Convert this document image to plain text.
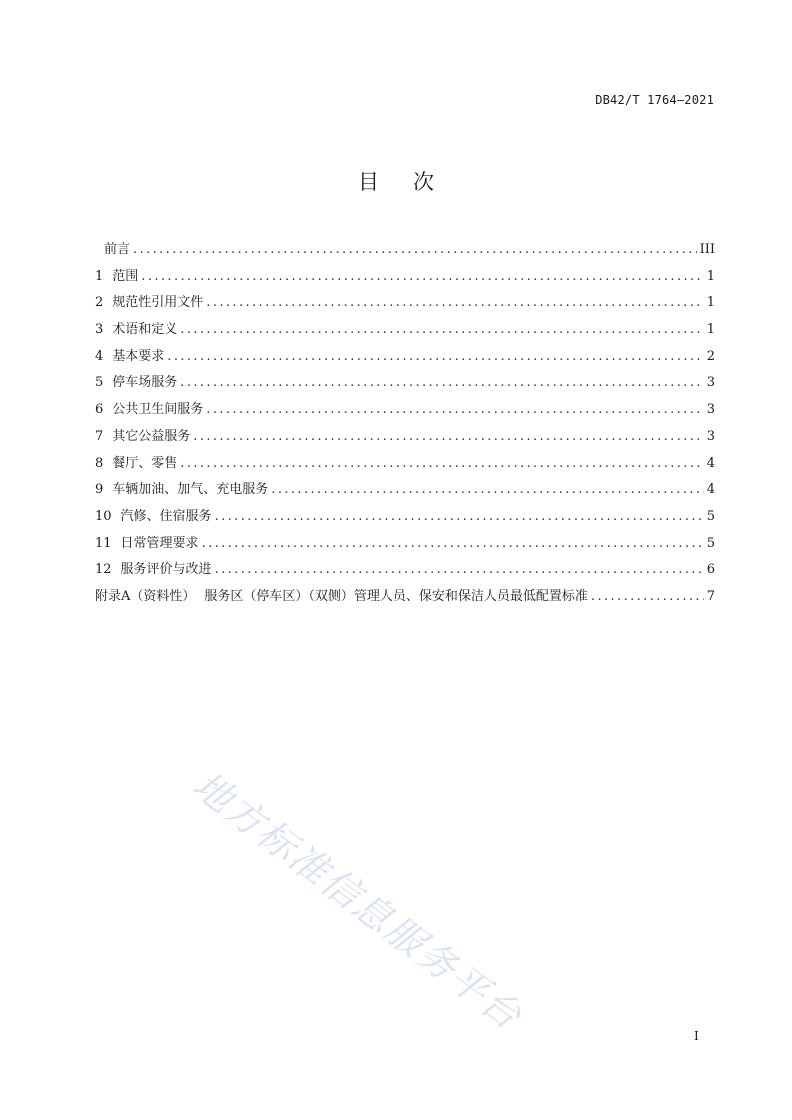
DB42/T 1764—2021
目次
前言 .....	III
1 范围 .....	1
2 规范性引用文件 .....	1
3 术语和定义 .....	1
4 基本要求 .....	2
5 停车场服务 .....	3
6 公共卫生间服务 .....	3
7 其它公益服务 .....	3
8 餐厅、零售 .....	4
9 车辆加油、加气、充电服务 .....	4
10 汽修、住宿服务 .....	5
11 日常管理要求 .....	5
12 服务评价与改进 .....	6
附录A（资料性） 服务区（停车区）（双侧）管理人员、保安和保洁人员最低配置标准 .....	7
地方标准信息服务平台	I
